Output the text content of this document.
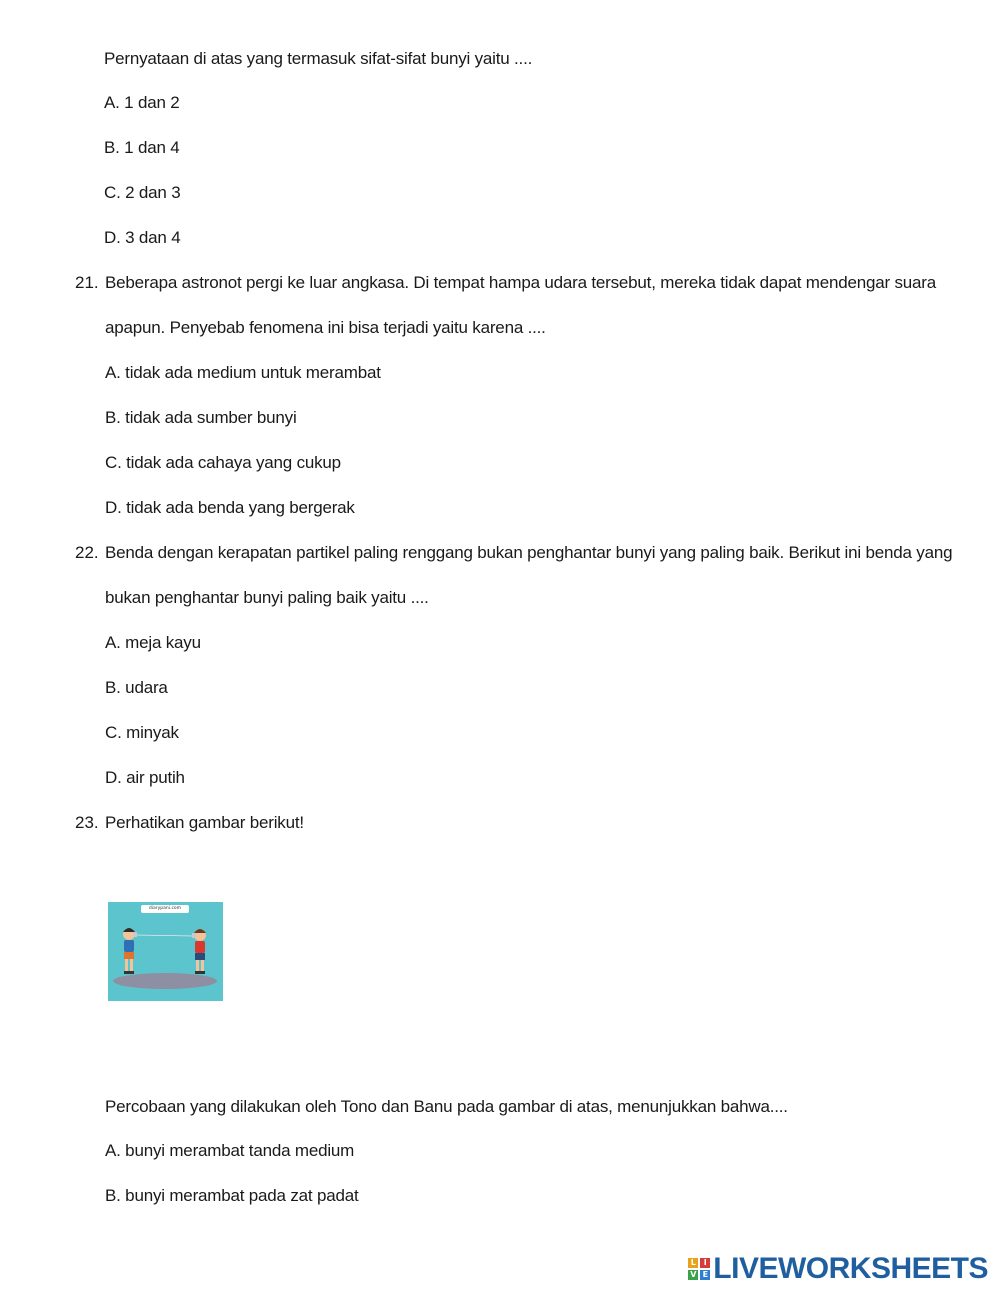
Pernyataan di atas yang termasuk sifat-sifat bunyi yaitu ....
A. 1 dan 2
B. 1 dan 4
C. 2 dan 3
D. 3 dan 4
21. Beberapa astronot pergi ke luar angkasa. Di tempat hampa udara tersebut, mereka tidak dapat mendengar suara
apapun. Penyebab fenomena ini bisa terjadi yaitu karena ....
A. tidak ada medium untuk merambat
B. tidak ada sumber bunyi
C. tidak ada cahaya yang cukup
D. tidak ada benda yang bergerak
22. Benda dengan kerapatan partikel paling renggang bukan penghantar bunyi yang paling baik. Berikut ini benda yang
bukan penghantar bunyi paling baik yaitu ....
A. meja kayu
B. udara
C. minyak
D. air putih
23. Perhatikan gambar berikut!
diarypani.com
Percobaan yang dilakukan oleh Tono dan Banu pada gambar di atas, menunjukkan bahwa....
A. bunyi merambat tanda medium
B. bunyi merambat pada zat padat
L I
V E LIVEWORKSHEETS
